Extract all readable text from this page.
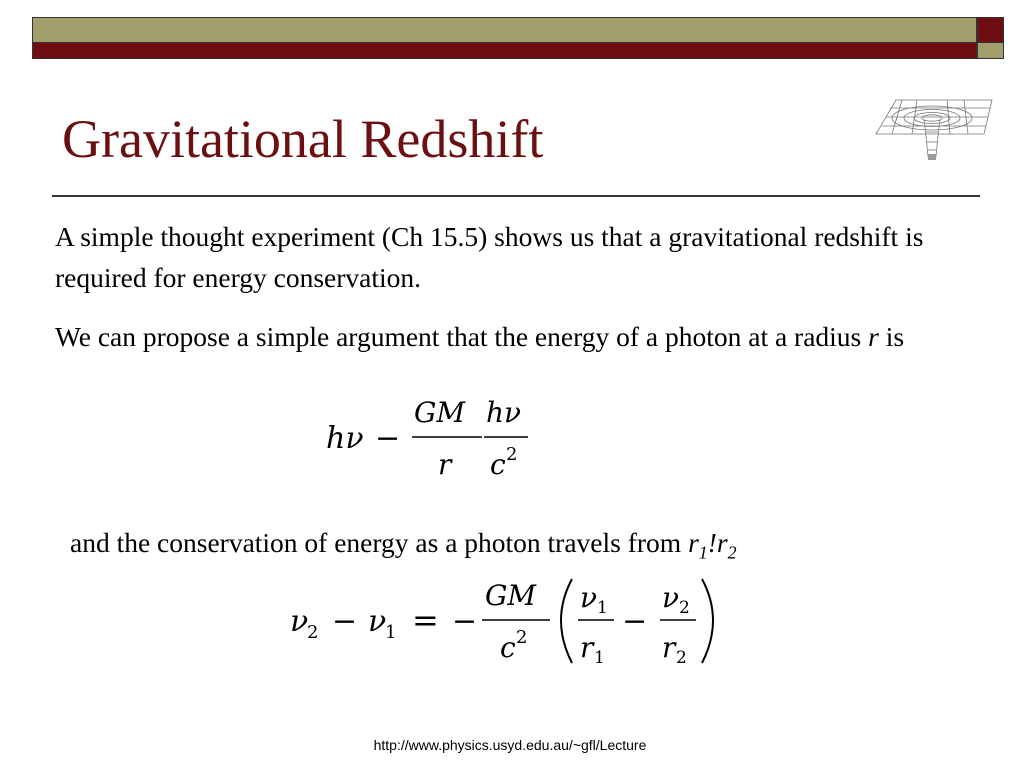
Gravitational Redshift

A simple thought experiment (Ch 15.5) shows us that a gravitational redshift is required for energy conservation.

We can propose a simple argument that the energy of a photon at a radius r is

hν −
GM
r
hν
c 2

and the conservation of energy as a photon travels from $r_1!r_2$

ν
2 − ν
1 = −
GM
c 2
ν 1
r 1
−
ν 2
r 2
http://www.physics.usyd.edu.au/~gfl/Lecture
